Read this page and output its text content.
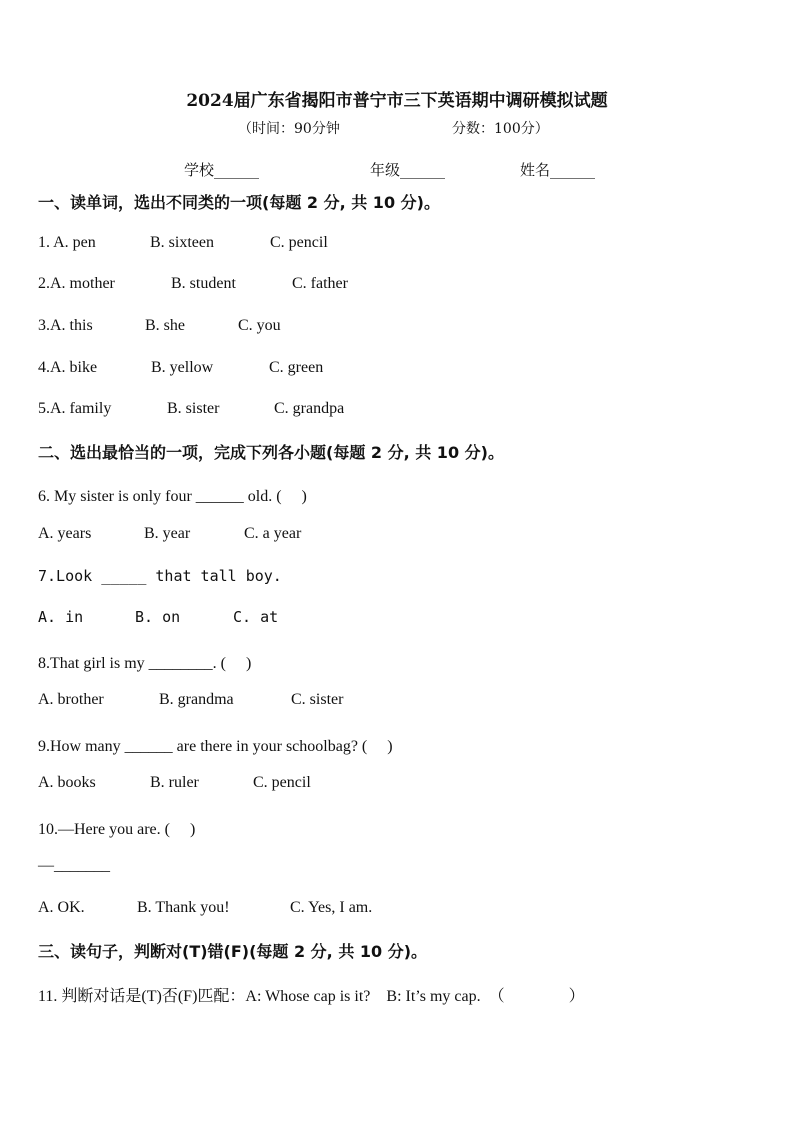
2024届广东省揭阳市普宁市三下英语期中调研模拟试题
（时间：90分钟	分数：100分）
学校______	年级______	姓名______
一、读单词，选出不同类的一项(每题 2 分, 共 10 分)。
1. A. pen	B. sixteen	C. pencil
2.A. mother	B. student	C. father
3.A. this	B. she	C. you
4.A. bike	B. yellow	C. green
5.A. family	B. sister	C. grandpa
二、选出最恰当的一项，完成下列各小题(每题 2 分, 共 10 分)。
6. My sister is only four ______ old. (　 )
A. years	B. year	C. a year
7.Look _____ that tall boy.
A. in	B. on	C. at
8.That girl is my ________. (　 )
A. brother	B. grandma	C. sister
9.How many ______ are there in your schoolbag? (　 )
A. books	B. ruler	C. pencil
10.—Here you are. (　 )
—_______
A. OK.	B. Thank you!	C. Yes, I am.
三、读句子，判断对(T)错(F)(每题 2 分, 共 10 分)。
11. 判断对话是(T)否(F)匹配：A: Whose cap is it?　B: It’s my cap.　（　　　　）
